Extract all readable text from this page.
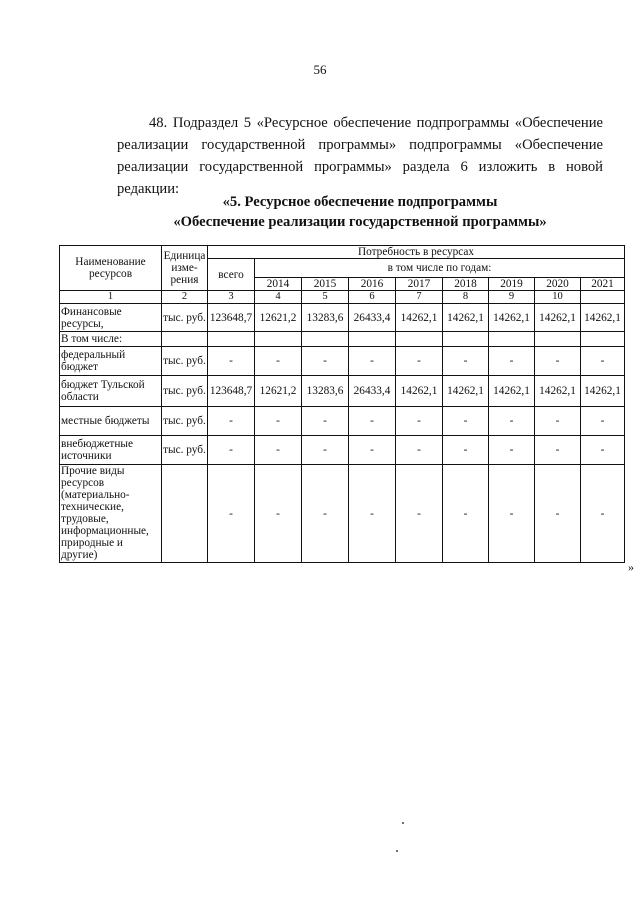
56

48. Подраздел 5 «Ресурсное обеспечение подпрограммы «Обеспечение реализации государственной программы» подпрограммы «Обеспечение реализации государственной программы» раздела 6 изложить в новой редакции:

«5. Ресурсное обеспечение подпрограммы
«Обеспечение реализации государственной программы»
Наименование ресурсов	Единица изме-рения	Потребность в ресурсах									
		всего	в том числе по годам:								
			2014	2015	2016	2017	2018	2019	2020	2021	
1	2	3	4	5	6	7	8	9	10		
Финансовые ресурсы,	тыс. руб.	123648,7	12621,2	13283,6	26433,4	14262,1	14262,1	14262,1	14262,1	14262,1	
В том числе:											
федеральный бюджет	тыс. руб.	-	-	-	-	-	-	-	-	-	
бюджет Тульской области	тыс. руб.	123648,7	12621,2	13283,6	26433,4	14262,1	14262,1	14262,1	14262,1	14262,1	
местные бюджеты	тыс. руб.	-	-	-	-	-	-	-	-	-	
внебюджетные источники	тыс. руб.	-	-	-	-	-	-	-	-	-	
Прочие виды ресурсов (материально-технические, трудовые, информационные, природные и другие)		-	-	-	-	-	-	-	-	-	
»
